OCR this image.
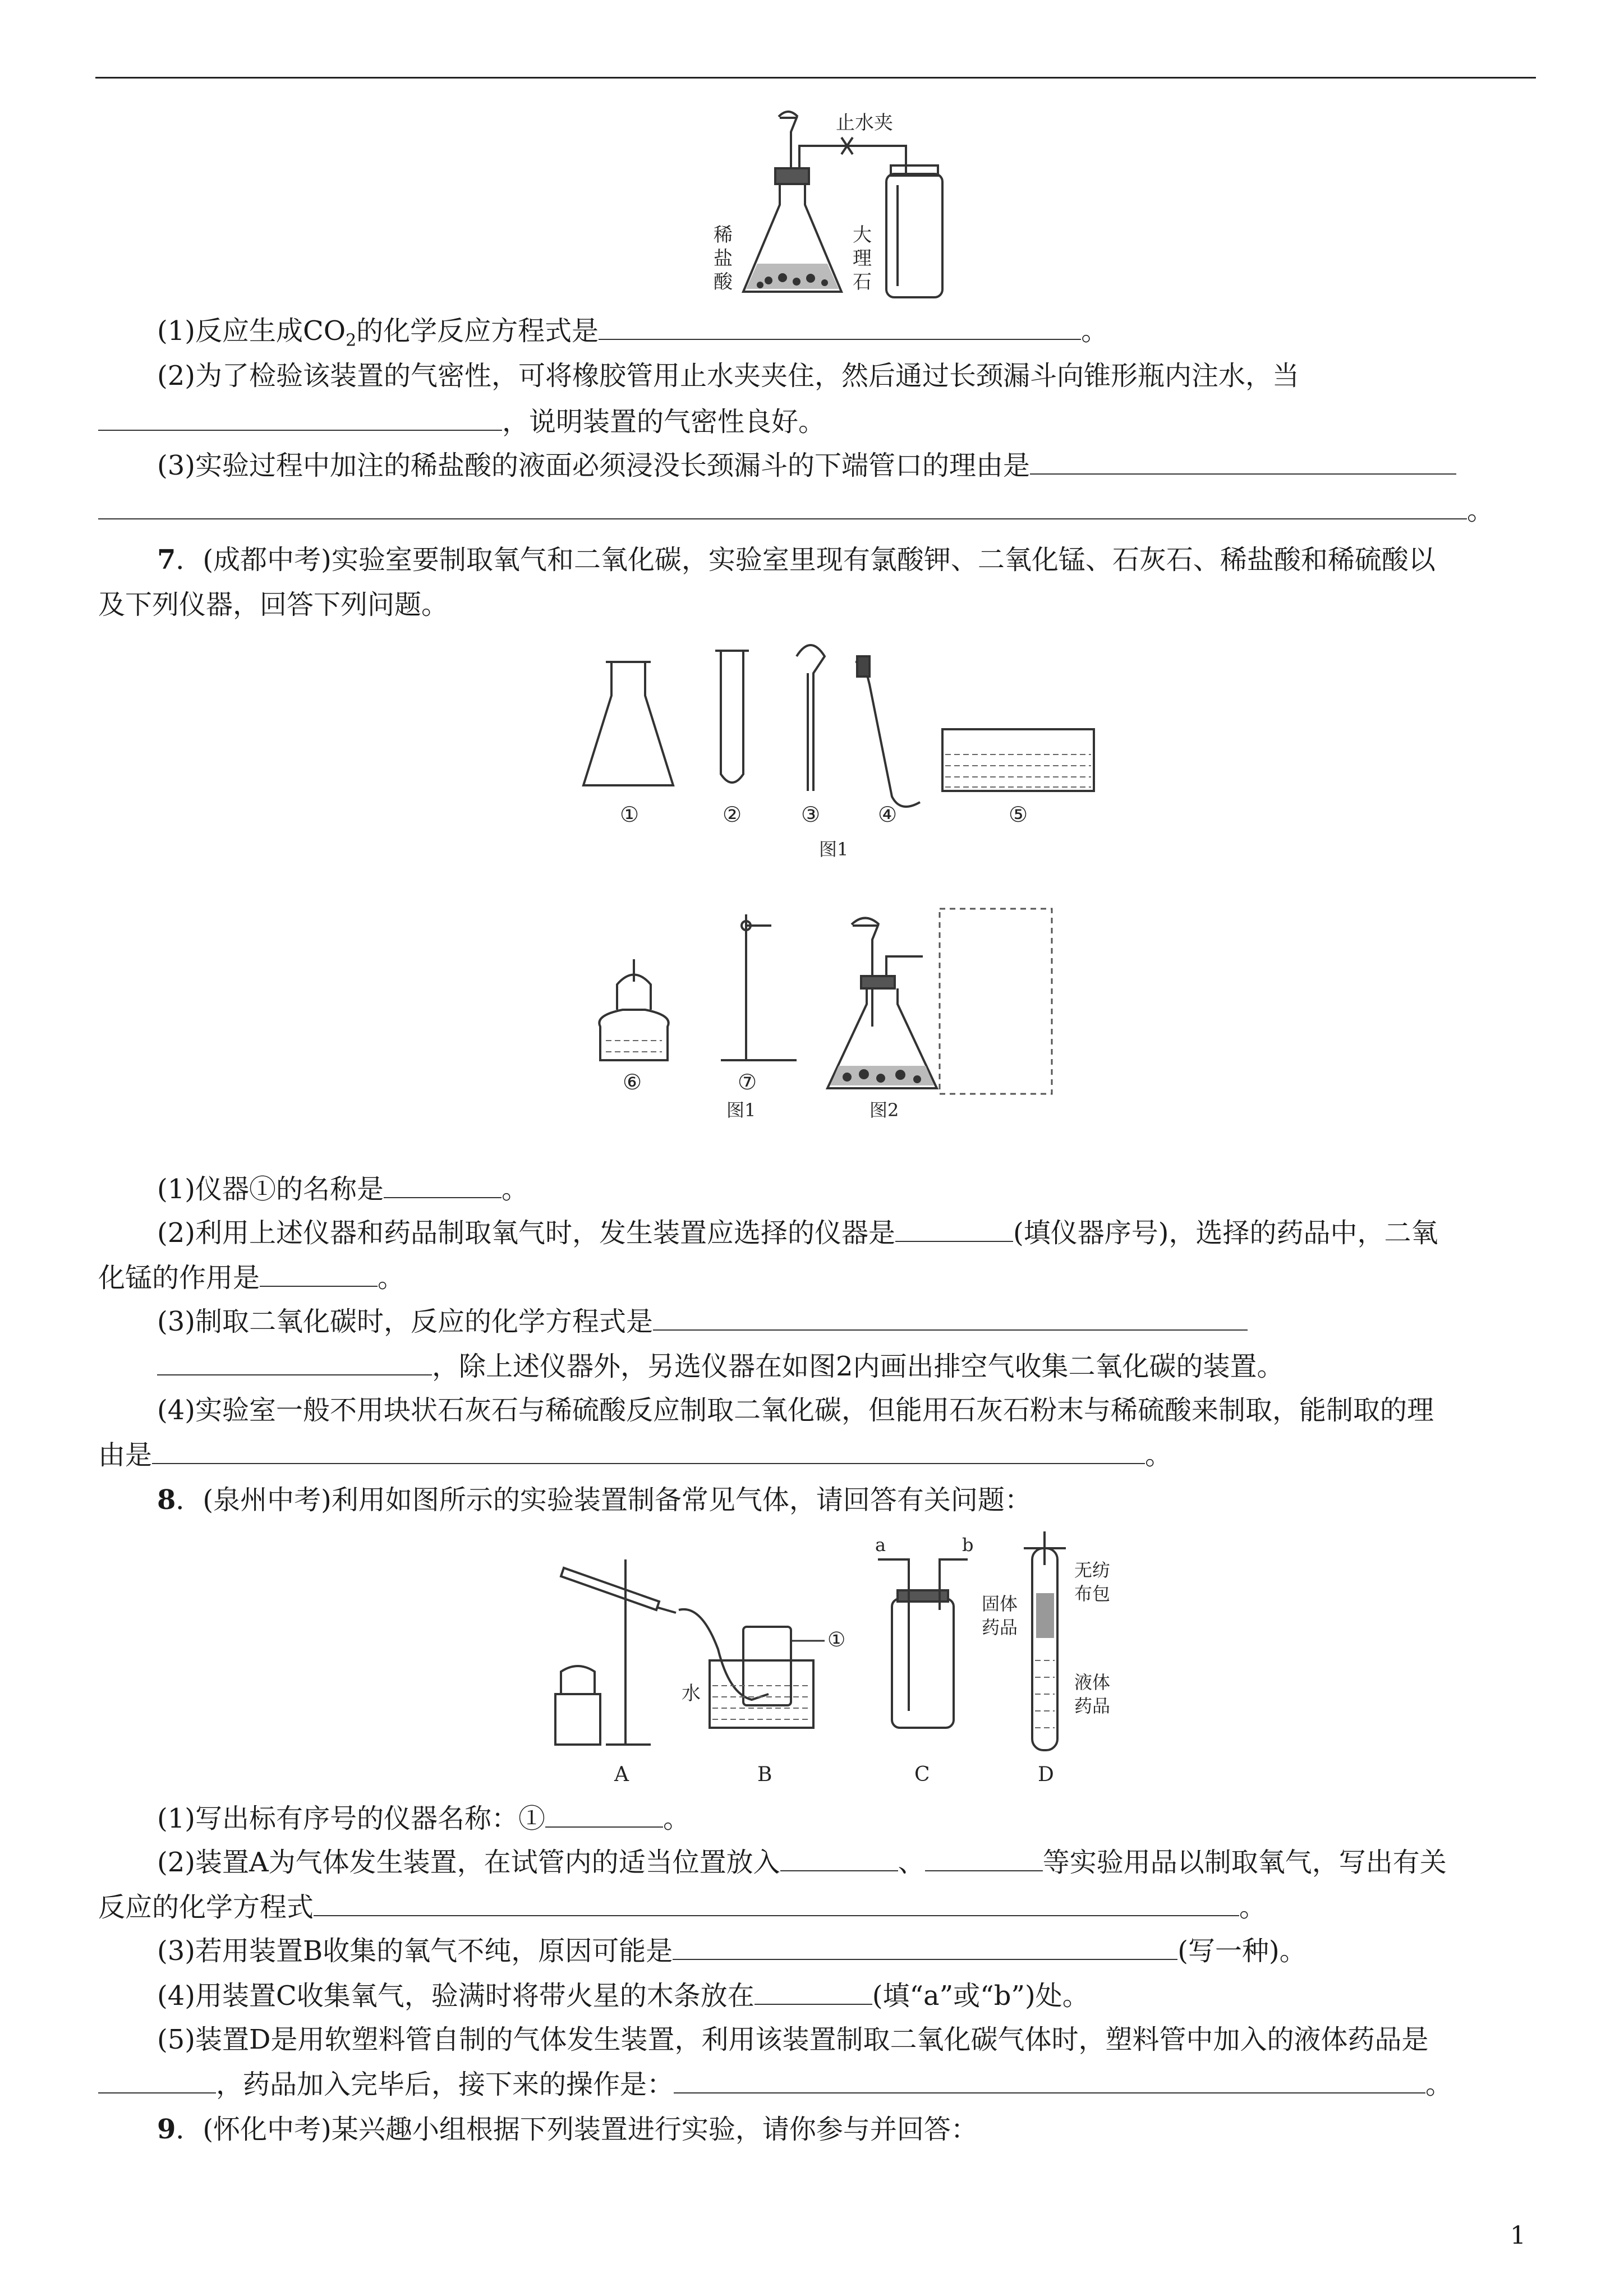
止水夹
稀
盐
酸
大
理
石
(1)反应生成$CO_2$的化学反应方程式是	。
(2)为了检验该装置的气密性，可将橡胶管用止水夹夹住，然后通过长颈漏斗向锥形瓶内注水，当
，说明装置的气密性良好。
(3)实验过程中加注的稀盐酸的液面必须浸没长颈漏斗的下端管口的理由是
。
7．(成都中考)实验室要制取氧气和二氧化碳，实验室里现有氯酸钾、二氧化锰、石灰石、稀盐酸和稀硫酸以
及下列仪器，回答下列问题。
①	②	③	④	⑤
图1
⑥	⑦
图1	图2
(1)仪器①的名称是	。
(2)利用上述仪器和药品制取氧气时，发生装置应选择的仪器是	(填仪器序号)，选择的药品中，二氧
化锰的作用是	。
(3)制取二氧化碳时，反应的化学方程式是
，除上述仪器外，另选仪器在如图2内画出排空气收集二氧化碳的装置。
(4)实验室一般不用块状石灰石与稀硫酸反应制取二氧化碳，但能用石灰石粉末与稀硫酸来制取，能制取的理
由是	。
8．(泉州中考)利用如图所示的实验装置制备常见气体，请回答有关问题：
A	B	C	D
水
①
a	b
固体
药品
无纺
布包
液体
药品
(1)写出标有序号的仪器名称：①	。
(2)装置A为气体发生装置，在试管内的适当位置放入	、	等实验用品以制取氧气，写出有关
反应的化学方程式	。
(3)若用装置B收集的氧气不纯，原因可能是	(写一种)。
(4)用装置C收集氧气，验满时将带火星的木条放在	(填“a”或“b”)处。
(5)装置D是用软塑料管自制的气体发生装置，利用该装置制取二氧化碳气体时，塑料管中加入的液体药品是
，药品加入完毕后，接下来的操作是：	。
9．(怀化中考)某兴趣小组根据下列装置进行实验，请你参与并回答：
1
